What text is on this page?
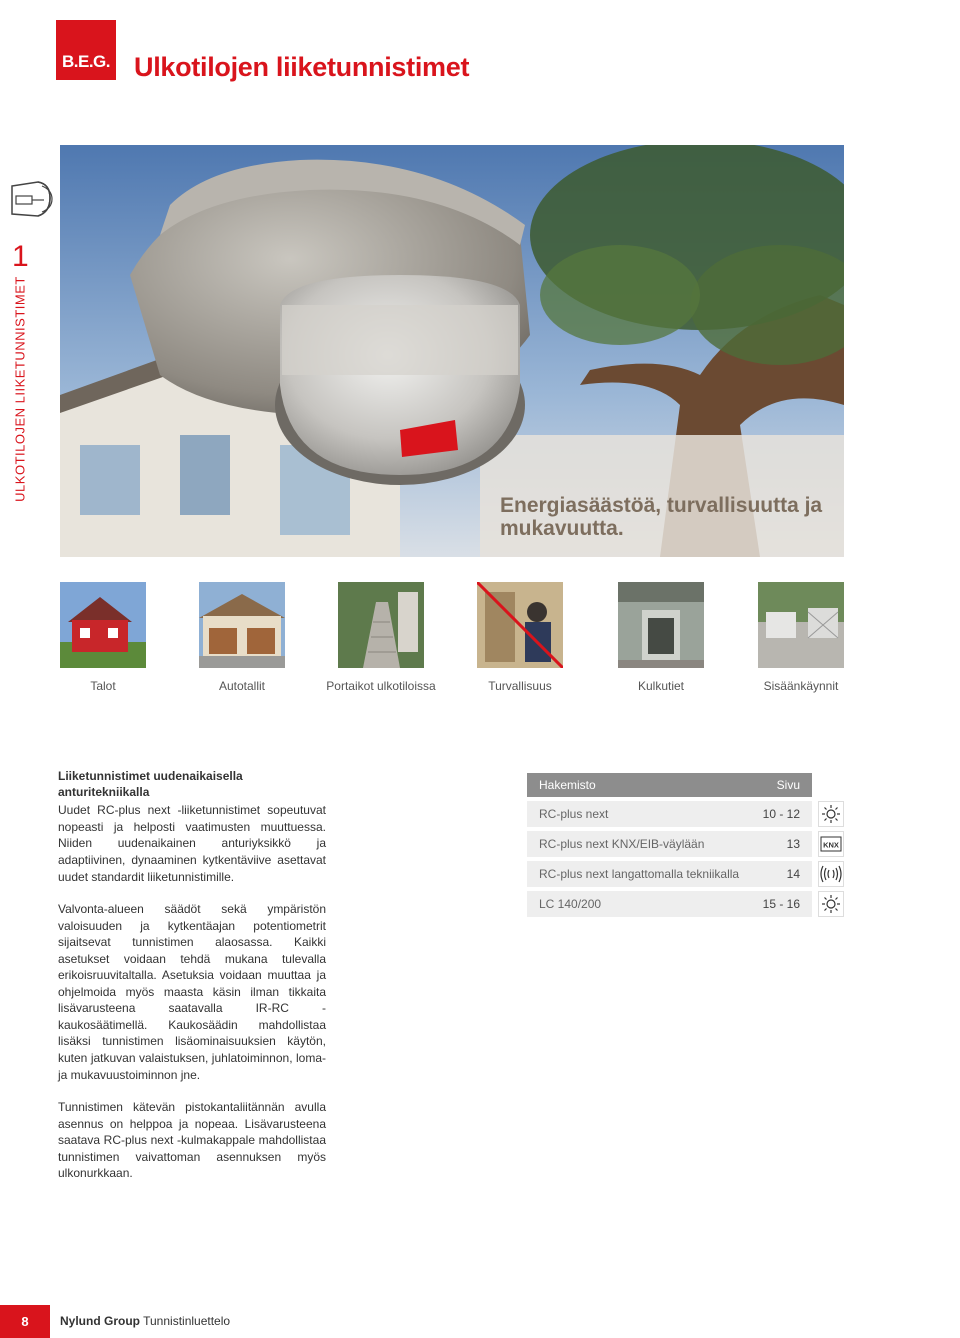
B.E.G. Ulkotilojen liiketunnistimet
1
ULKOTILOJEN LIIKETUNNISTIMET
Energiasäästöä, turvallisuutta ja mukavuutta.
Talot	Autotallit	Portaikot ulkotiloissa	Turvallisuus	Kulkutiet	Sisäänkäynnit
Liiketunnistimet uudenaikaisella anturitekniikalla

Uudet RC-plus next -liiketunnistimet sopeutuvat nopeasti ja helposti vaatimusten muuttuessa. Niiden uudenaikainen anturiyksikkö ja adaptiivinen, dynaaminen kytkentäviive asettavat uudet standardit liiketunnistimille.

Valvonta-alueen säädöt sekä ympäristön valoisuuden ja kytkentäajan potentiometrit sijaitsevat tunnistimen alaosassa. Kaikki asetukset voidaan tehdä mukana tulevalla erikoisruuvitaltalla. Asetuksia voidaan muuttaa ja ohjelmoida myös maasta käsin ilman tikkaita lisävarusteena saatavalla IR-RC -kaukosäätimellä. Kaukosäädin mahdollistaa lisäksi tunnistimen lisäominaisuuksien käytön, kuten jatkuvan valaistuksen, juhlatoiminnon, loma- ja mukavuustoiminnon jne.

Tunnistimen kätevän pistokantaliitännän avulla asennus on helppoa ja nopeaa. Lisävarusteena saatava RC-plus next -kulmakappale mahdollistaa tunnistimen vaivattoman asennuksen myös ulkonurkkaan.

Hakemisto	Sivu
RC-plus next	10 - 12
RC-plus next KNX/EIB-väylään	13	KNX
RC-plus next langattomalla tekniikalla	14
LC 140/200	15 - 16
8	Nylund Group Tunnistinluettelo
